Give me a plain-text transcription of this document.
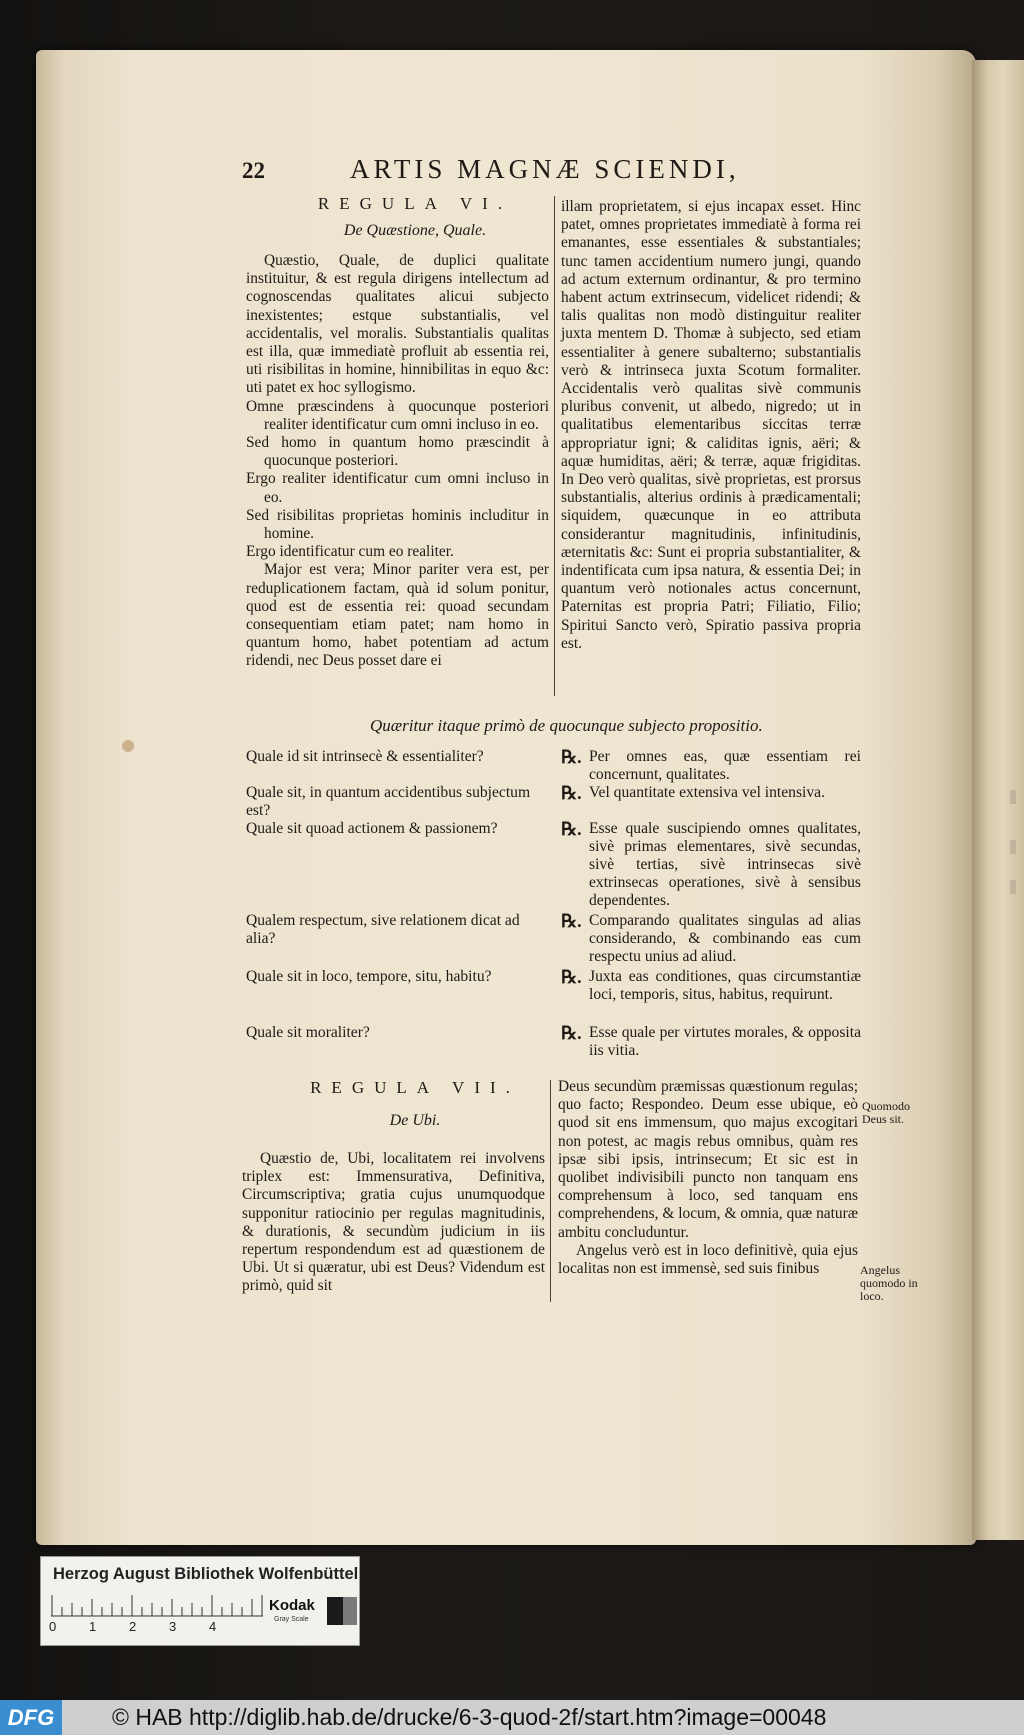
22	ARTIS MAGNÆ SCIENDI,
REGULA VI.
De Quæstione, Quale.

Quæstio, Quale, de duplici qualitate instituitur, & est regula dirigens intellectum ad cognoscendas qualitates alicui subjecto inexistentes; estque substantialis, vel accidentalis, vel moralis. Substantialis qualitas est illa, quæ immediatè profluit ab essentia rei, uti risibilitas in homine, hinnibilitas in equo &c: uti patet ex hoc syllogismo.

Omne præscindens à quocunque posteriori realiter identificatur cum omni incluso in eo.

Sed homo in quantum homo præscindit à quocunque posteriori.

Ergo realiter identificatur cum omni incluso in eo.

Sed risibilitas proprietas hominis includitur in homine.

Ergo identificatur cum eo realiter.

Major est vera; Minor pariter vera est, per reduplicationem factam, quà id solum ponitur, quod est de essentia rei: quoad secundam consequentiam etiam patet; nam homo in quantum homo, habet potentiam ad actum ridendi, nec Deus posset dare ei

illam proprietatem, si ejus incapax esset. Hinc patet, omnes proprietates immediatè à forma rei emanantes, esse essentiales & substantiales; tunc tamen accidentium numero jungi, quando ad actum externum ordinantur, & pro termino habent actum extrinsecum, videlicet ridendi; & talis qualitas non modò distinguitur realiter juxta mentem D. Thomæ à subjecto, sed etiam essentialiter à genere subalterno; substantialis verò & intrinseca juxta Scotum formaliter. Accidentalis verò qualitas sivè communis pluribus convenit, ut albedo, nigredo; ut in qualitatibus elementaribus siccitas terræ appropriatur igni; & caliditas ignis, aëri; & aquæ humiditas, aëri; & terræ, aquæ frigiditas. In Deo verò qualitas, sivè proprietas, est prorsus substantialis, alterius ordinis à prædicamentali; siquidem, quæcunque in eo attributa considerantur magnitudinis, infinitudinis, æternitatis &c: Sunt ei propria substantialiter, & indentificata cum ipsa natura, & essentia Dei; in quantum verò notionales actus concernunt, Paternitas est propria Patri; Filiatio, Filio; Spiritui Sancto verò, Spiratio passiva propria est.

Quæritur itaque primò de quocunque subjecto propositio.
Quale id sit intrinsecè & essentialiter?	℞. Per omnes eas, quæ essentiam rei concernunt, qualitates.
Quale sit, in quantum accidentibus subjectum est?
℞. Vel quantitate extensiva vel intensiva.
Quale sit quoad actionem & passionem?	℞. Esse quale suscipiendo omnes qualitates, sivè primas elementares, sivè secundas, sivè tertias, sivè intrinsecas sivè extrinsecas operationes, sivè à sensibus dependentes.
Qualem respectum, sive relationem dicat ad alia?
℞. Comparando qualitates singulas ad alias considerando, & combinando eas cum respectu unius ad aliud.
Quale sit in loco, tempore, situ, habitu?	℞. Juxta eas conditiones, quas circumstantiæ loci, temporis, situs, habitus, requirunt.
Quale sit moraliter?	℞. Esse quale per virtutes morales, & opposita iis vitia.
REGULA VII.
De Ubi.

Quæstio de, Ubi, localitatem rei involvens triplex est: Immensurativa, Definitiva, Circumscriptiva; gratia cujus unumquodque supponitur ratiocinio per regulas magnitudinis, & durationis, & secundùm judicium in iis repertum respondendum est ad quæstionem de Ubi. Ut si quæratur, ubi est Deus? Videndum est primò, quid sit

Deus secundùm præmissas quæstionum regulas; quo facto; Respondeo. Deum esse ubique, eò quod sit ens immensum, quo majus excogitari non potest, ac magis rebus omnibus, quàm res ipsæ sibi ipsis, intrinsecum; Et sic est in quolibet indivisibili puncto non tanquam ens comprehensum à loco, sed tanquam ens comprehendens, & locum, & omnia, quæ naturæ ambitu concluduntur.

Angelus verò est in loco definitivè, quia ejus localitas non est immensè, sed suis finibus

Quomodo Deus sit.
Angelus quomodo in loco.
Herzog August Bibliothek Wolfenbüttel
0	1	2	3	4
Kodak
Gray Scale
DFG	© HAB http://diglib.hab.de/drucke/6-3-quod-2f/start.htm?image=00048
